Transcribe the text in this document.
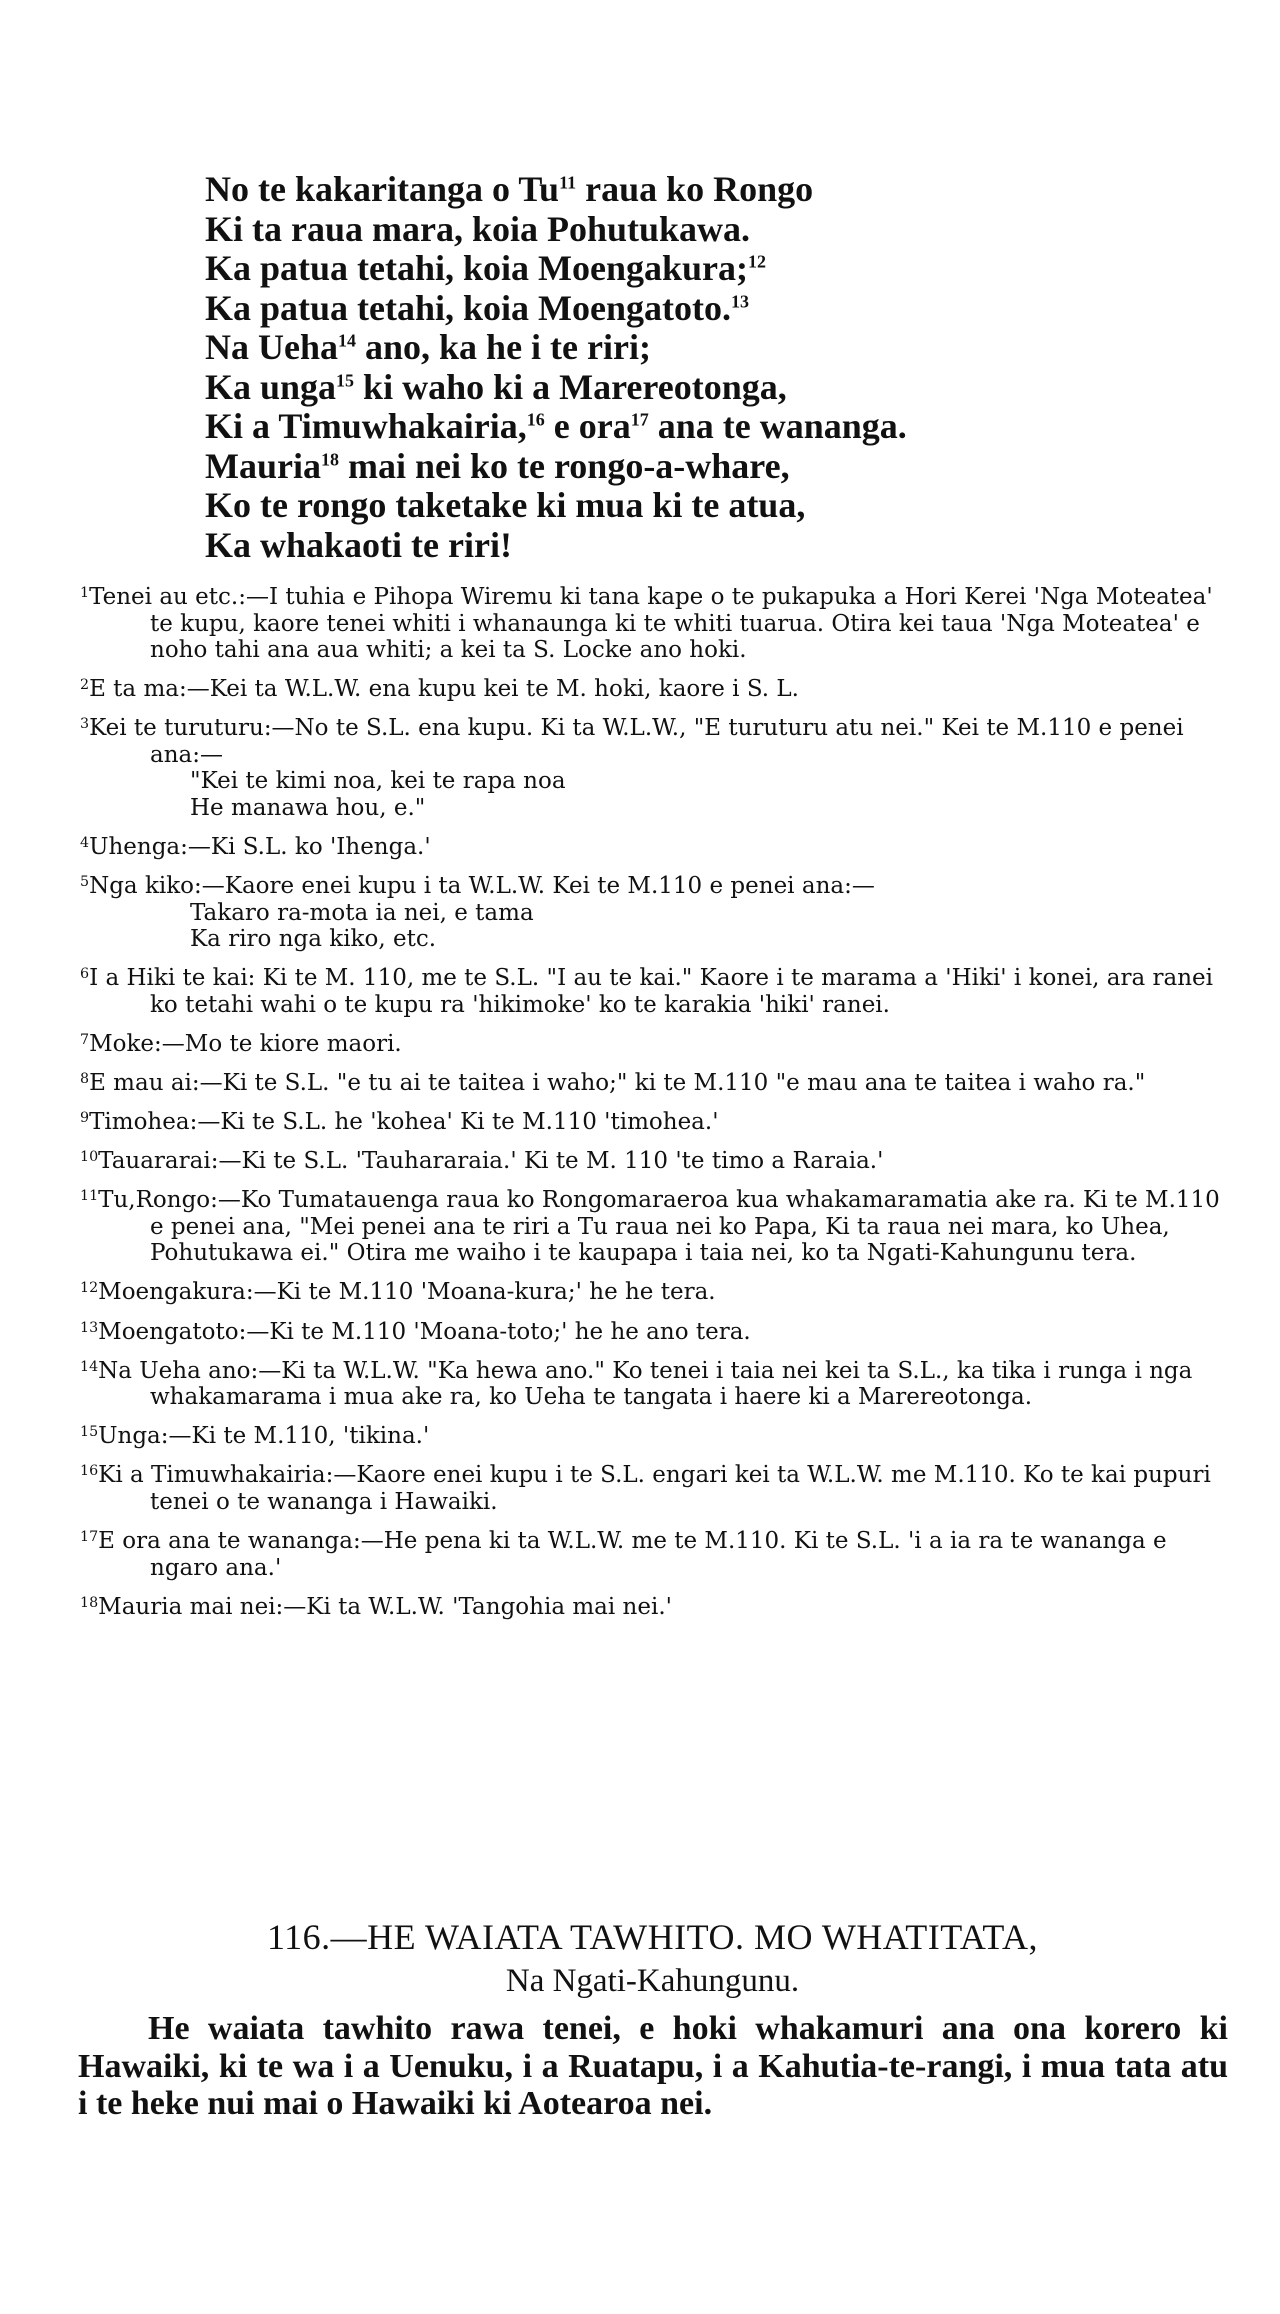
No te kakaritanga o Tu$^{11}$ raua ko Rongo
Ki ta raua mara, koia Pohutukawa.
Ka patua tetahi, koia Moengakura;$^{12}$
Ka patua tetahi, koia Moengatoto.$^{13}$
Na Ueha$^{14}$ ano, ka he i te riri;
Ka unga$^{15}$ ki waho ki a Marereotonga,
Ki a Timuwhakairia,$^{16}$ e ora$^{17}$ ana te wananga.
Mauria$^{18}$ mai nei ko te rongo-a-whare,
Ko te rongo taketake ki mua ki te atua,
Ka whakaoti te riri!
$^1$Tenei au etc.:—I tuhia e Pihopa Wiremu ki tana kape o te pukapuka a Hori Kerei 'Nga Moteatea' te kupu, kaore tenei whiti i whanaunga ki te whiti tuarua. Otira kei taua 'Nga Moteatea' e noho tahi ana aua whiti; a kei ta S. Locke ano hoki.
$^2$E ta ma:—Kei ta W.L.W. ena kupu kei te M. hoki, kaore i S. L.
$^3$Kei te turuturu:—No te S.L. ena kupu. Ki ta W.L.W., "E turuturu atu nei." Kei te M.110 e penei ana:—
"Kei te kimi noa, kei te rapa noa
He manawa hou, e."
$^4$Uhenga:—Ki S.L. ko 'Ihenga.'
$^5$Nga kiko:—Kaore enei kupu i ta W.L.W. Kei te M.110 e penei ana:—
Takaro ra-mota ia nei, e tama
Ka riro nga kiko, etc.
$^6$I a Hiki te kai: Ki te M. 110, me te S.L. "I au te kai." Kaore i te marama a 'Hiki' i konei, ara ranei ko tetahi wahi o te kupu ra 'hikimoke' ko te karakia 'hiki' ranei.
$^7$Moke:—Mo te kiore maori.
$^8$E mau ai:—Ki te S.L. "e tu ai te taitea i waho;" ki te M.110 "e mau ana te taitea i waho ra."
$^9$Timohea:—Ki te S.L. he 'kohea' Ki te M.110 'timohea.'
$^{10}$Tauararai:—Ki te S.L. 'Tauhararaia.' Ki te M. 110 'te timo a Raraia.'
$^{11}$Tu,Rongo:—Ko Tumatauenga raua ko Rongomaraeroa kua whakamaramatia ake ra. Ki te M.110 e penei ana, "Mei penei ana te riri a Tu raua nei ko Papa, Ki ta raua nei mara, ko Uhea, Pohutukawa ei." Otira me waiho i te kaupapa i taia nei, ko ta Ngati-Kahungunu tera.
$^{12}$Moengakura:—Ki te M.110 'Moana-kura;' he he tera.
$^{13}$Moengatoto:—Ki te M.110 'Moana-toto;' he he ano tera.
$^{14}$Na Ueha ano:—Ki ta W.L.W. "Ka hewa ano." Ko tenei i taia nei kei ta S.L., ka tika i runga i nga whakamarama i mua ake ra, ko Ueha te tangata i haere ki a Marereotonga.
$^{15}$Unga:—Ki te M.110, 'tikina.'
$^{16}$Ki a Timuwhakairia:—Kaore enei kupu i te S.L. engari kei ta W.L.W. me M.110. Ko te kai pupuri tenei o te wananga i Hawaiki.
$^{17}$E ora ana te wananga:—He pena ki ta W.L.W. me te M.110. Ki te S.L. 'i a ia ra te wananga e ngaro ana.'
$^{18}$Mauria mai nei:—Ki ta W.L.W. 'Tangohia mai nei.'
116.—HE WAIATA TAWHITO. MO WHATITATA,
Na Ngati-Kahungunu.
He waiata tawhito rawa tenei, e hoki whakamuri ana ona korero ki Hawaiki, ki te wa i a Uenuku, i a Ruatapu, i a Kahutia-te-rangi, i mua tata atu i te heke nui mai o Hawaiki ki Aotearoa nei.
